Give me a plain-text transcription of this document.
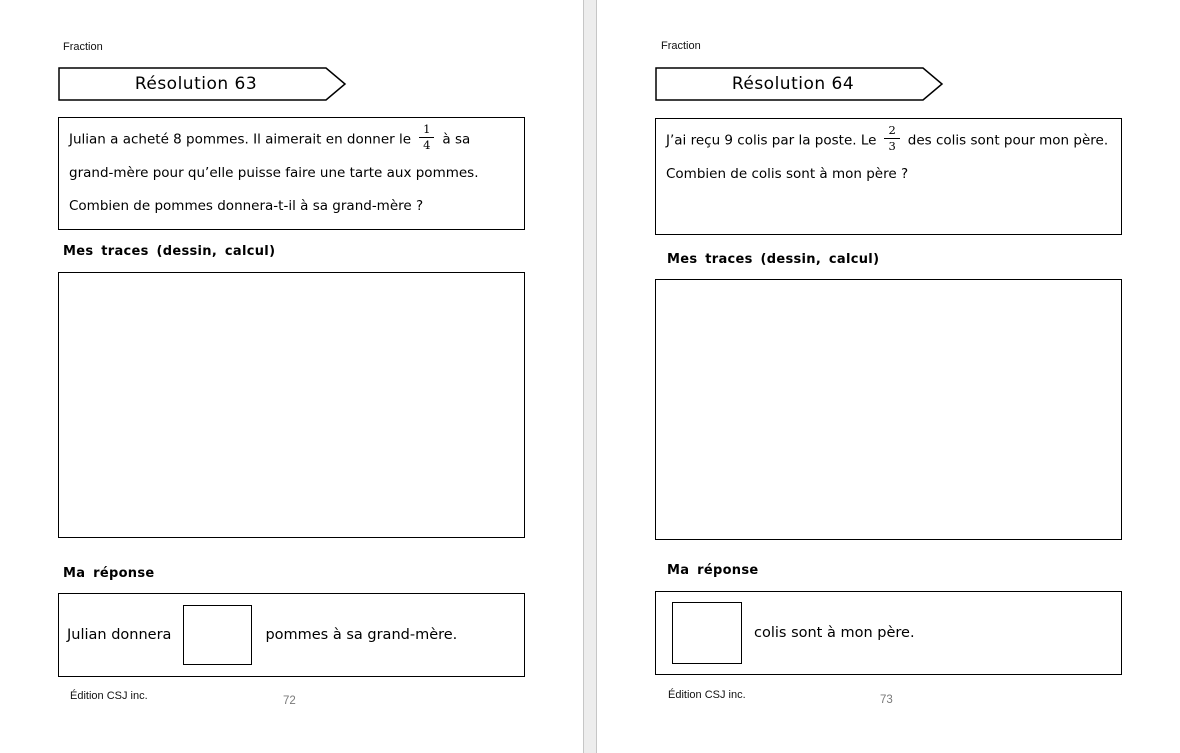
Fraction
Résolution 63
Julian a acheté 8 pommes. Il aimerait en donner le $\frac{1}{4}$ à sa grand-mère pour qu’elle puisse faire une tarte aux pommes. Combien de pommes donnera-t-il à sa grand-mère ?
Mes traces (dessin, calcul)
Ma réponse
Julian donnera	pommes à sa grand-mère.
Édition CSJ inc.	72
Fraction
Résolution 64
J’ai reçu 9 colis par la poste. Le $\frac{2}{3}$ des colis sont pour mon père. Combien de colis sont à mon père ?
Mes traces (dessin, calcul)
Ma réponse
colis sont à mon père.
Édition CSJ inc.	73
